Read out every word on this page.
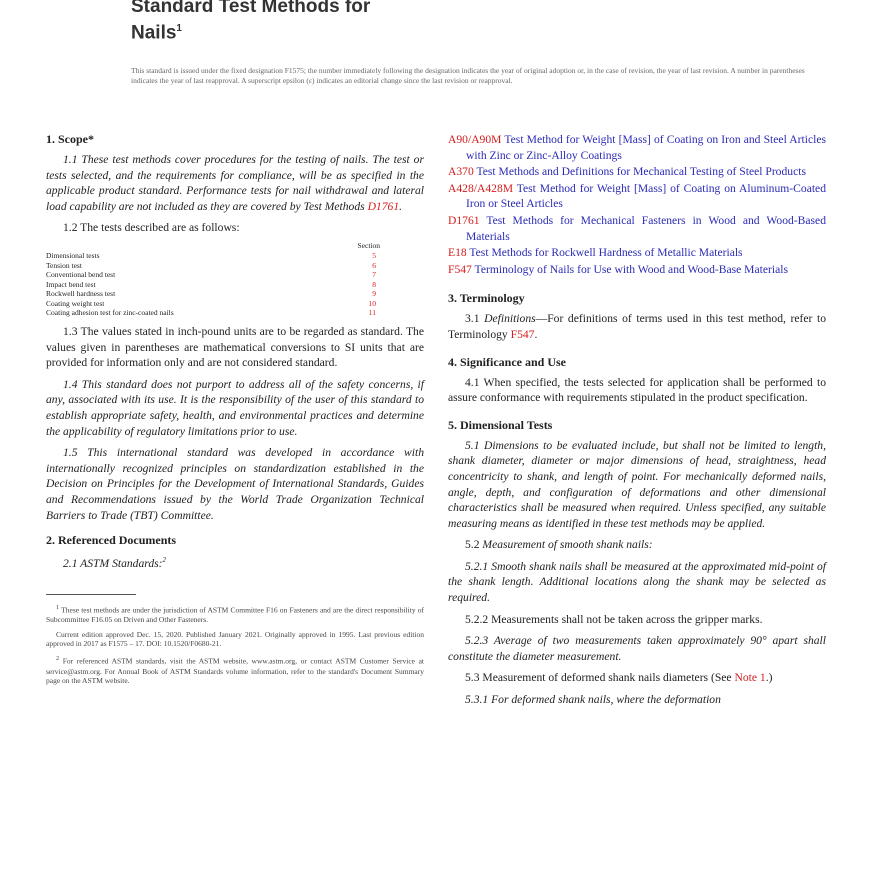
Standard Test Methods for
Nails$^1$
This standard is issued under the fixed designation F1575; the number immediately following the designation indicates the year of original adoption or, in the case of revision, the year of last revision. A number in parentheses indicates the year of last reapproval. A superscript epsilon (ε) indicates an editorial change since the last revision or reapproval.
1. Scope*

1.1 These test methods cover procedures for the testing of nails. The test or tests selected, and the requirements for compliance, will be as specified in the applicable product standard. Performance tests for nail withdrawal and lateral load capability are not included as they are covered by Test Methods D1761.

1.2 The tests described are as follows:

	Section
Dimensional tests	5
Tension test	6
Conventional bend test	7
Impact bend test	8
Rockwell hardness test	9
Coating weight test	10
Coating adhesion test for zinc-coated nails	11

1.3 The values stated in inch-pound units are to be regarded as standard. The values given in parentheses are mathematical conversions to SI units that are provided for information only and are not considered standard.

1.4 This standard does not purport to address all of the safety concerns, if any, associated with its use. It is the responsibility of the user of this standard to establish appropriate safety, health, and environmental practices and determine the applicability of regulatory limitations prior to use.

1.5 This international standard was developed in accordance with internationally recognized principles on standardization established in the Decision on Principles for the Development of International Standards, Guides and Recommendations issued by the World Trade Organization Technical Barriers to Trade (TBT) Committee.

2. Referenced Documents

2.1 ASTM Standards:$^2$

$^1$ These test methods are under the jurisdiction of ASTM Committee F16 on Fasteners and are the direct responsibility of Subcommittee F16.05 on Driven and Other Fasteners.
Current edition approved Dec. 15, 2020. Published January 2021. Originally approved in 1995. Last previous edition approved in 2017 as F1575 – 17. DOI: 10.1520/F0680-21.
$^2$ For referenced ASTM standards, visit the ASTM website, www.astm.org, or contact ASTM Customer Service at service@astm.org. For Annual Book of ASTM Standards volume information, refer to the standard's Document Summary page on the ASTM website.
A90/A90M Test Method for Weight [Mass] of Coating on Iron and Steel Articles with Zinc or Zinc-Alloy Coatings
A370 Test Methods and Definitions for Mechanical Testing of Steel Products
A428/A428M Test Method for Weight [Mass] of Coating on Aluminum-Coated Iron or Steel Articles
D1761 Test Methods for Mechanical Fasteners in Wood and Wood-Based Materials
E18 Test Methods for Rockwell Hardness of Metallic Materials
F547 Terminology of Nails for Use with Wood and Wood-Base Materials
3. Terminology

3.1 Definitions—For definitions of terms used in this test method, refer to Terminology F547.

4. Significance and Use

4.1 When specified, the tests selected for application shall be performed to assure conformance with requirements stipulated in the product specification.

5. Dimensional Tests

5.1 Dimensions to be evaluated include, but shall not be limited to length, shank diameter, diameter or major dimensions of head, straightness, head concentricity to shank, and length of point. For mechanically deformed nails, angle, depth, and configuration of deformations and other dimensional characteristics shall be measured when required. Unless specified, any suitable measuring means as identified in these test methods may be applied.

5.2 Measurement of smooth shank nails:

5.2.1 Smooth shank nails shall be measured at the approximated mid-point of the shank length. Additional locations along the shank may be selected as required.

5.2.2 Measurements shall not be taken across the gripper marks.

5.2.3 Average of two measurements taken approximately 90° apart shall constitute the diameter measurement.

5.3 Measurement of deformed shank nails diameters (See Note 1.)

5.3.1 For deformed shank nails, where the deformation
